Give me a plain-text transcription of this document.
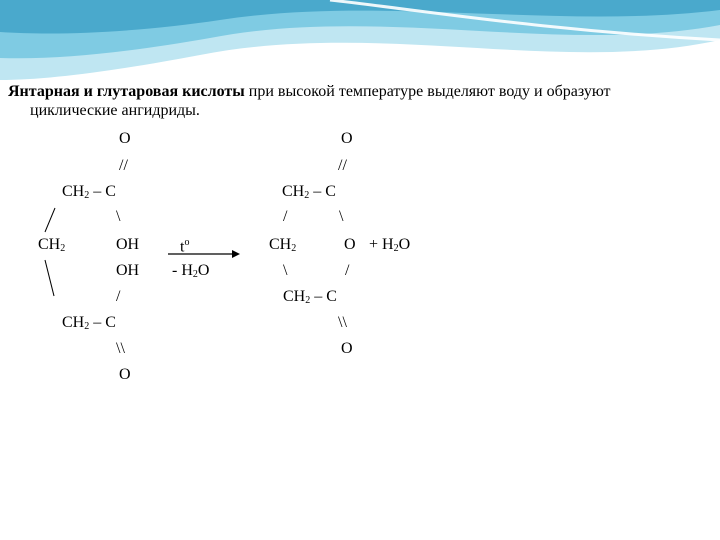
Янтарная и глутаровая кислоты при высокой температуре выделяют воду и образуют
циклические ангидриды.

O
//
$CH_2$ – C
\
$CH_2$	OH
OH
/
$CH_2$ – C
\\
O
$t^o$
- $H_2O$
O
//
$CH_2$ – C
/	\
$CH_2$	$O + H_2O$
\	/
$CH_2$ – C
\\
O
